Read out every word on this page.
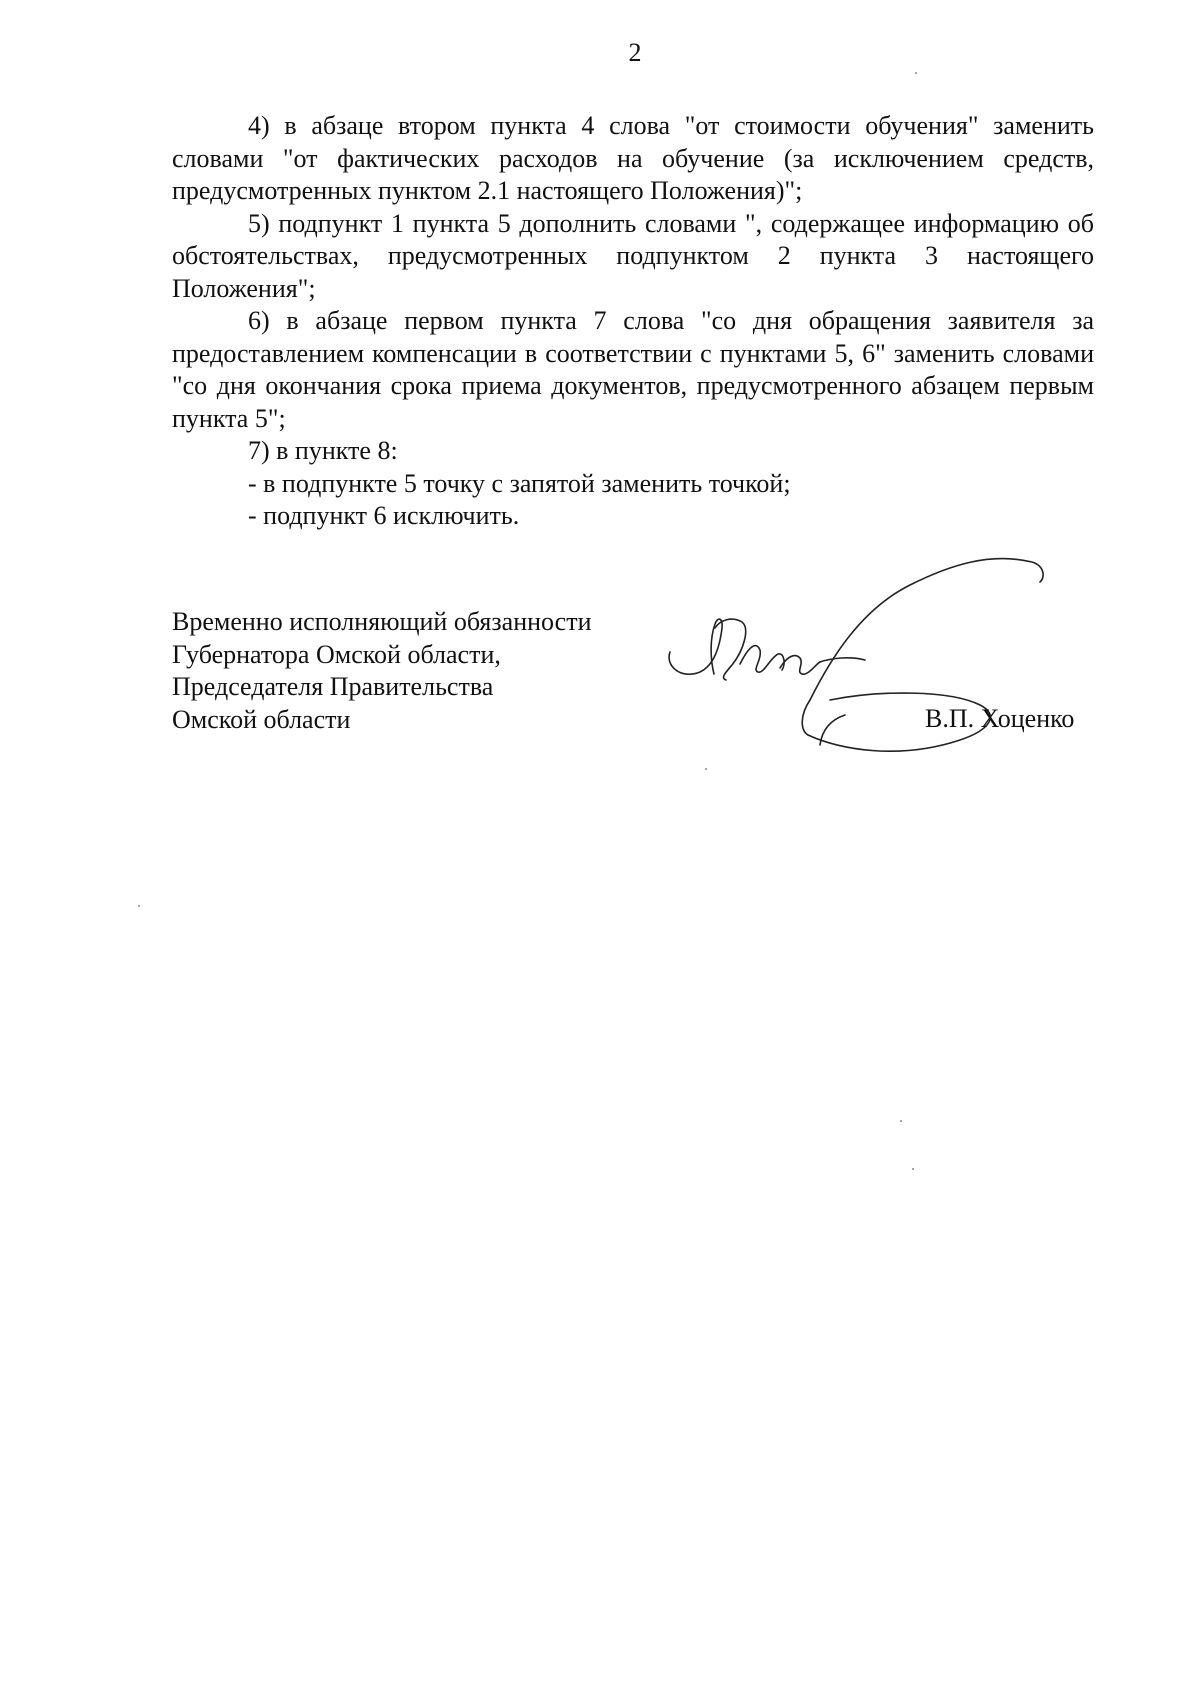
2

4) в абзаце втором пункта 4 слова "от стоимости обучения" заменить словами "от фактических расходов на обучение (за исключением средств, предусмотренных пунктом 2.1 настоящего Положения)";

5) подпункт 1 пункта 5 дополнить словами ", содержащее информацию об обстоятельствах, предусмотренных подпунктом 2 пункта 3 настоящего Положения";

6) в абзаце первом пункта 7 слова "со дня обращения заявителя за предоставлением компенсации в соответствии с пунктами 5, 6" заменить словами "со дня окончания срока приема документов, предусмотренного абзацем первым пункта 5";

7) в пункте 8:

- в подпункте 5 точку с запятой заменить точкой;

- подпункт 6 исключить.

Временно исполняющий обязанности
Губернатора Омской области,
Председателя Правительства
Омской области	В.П. Хоценко
